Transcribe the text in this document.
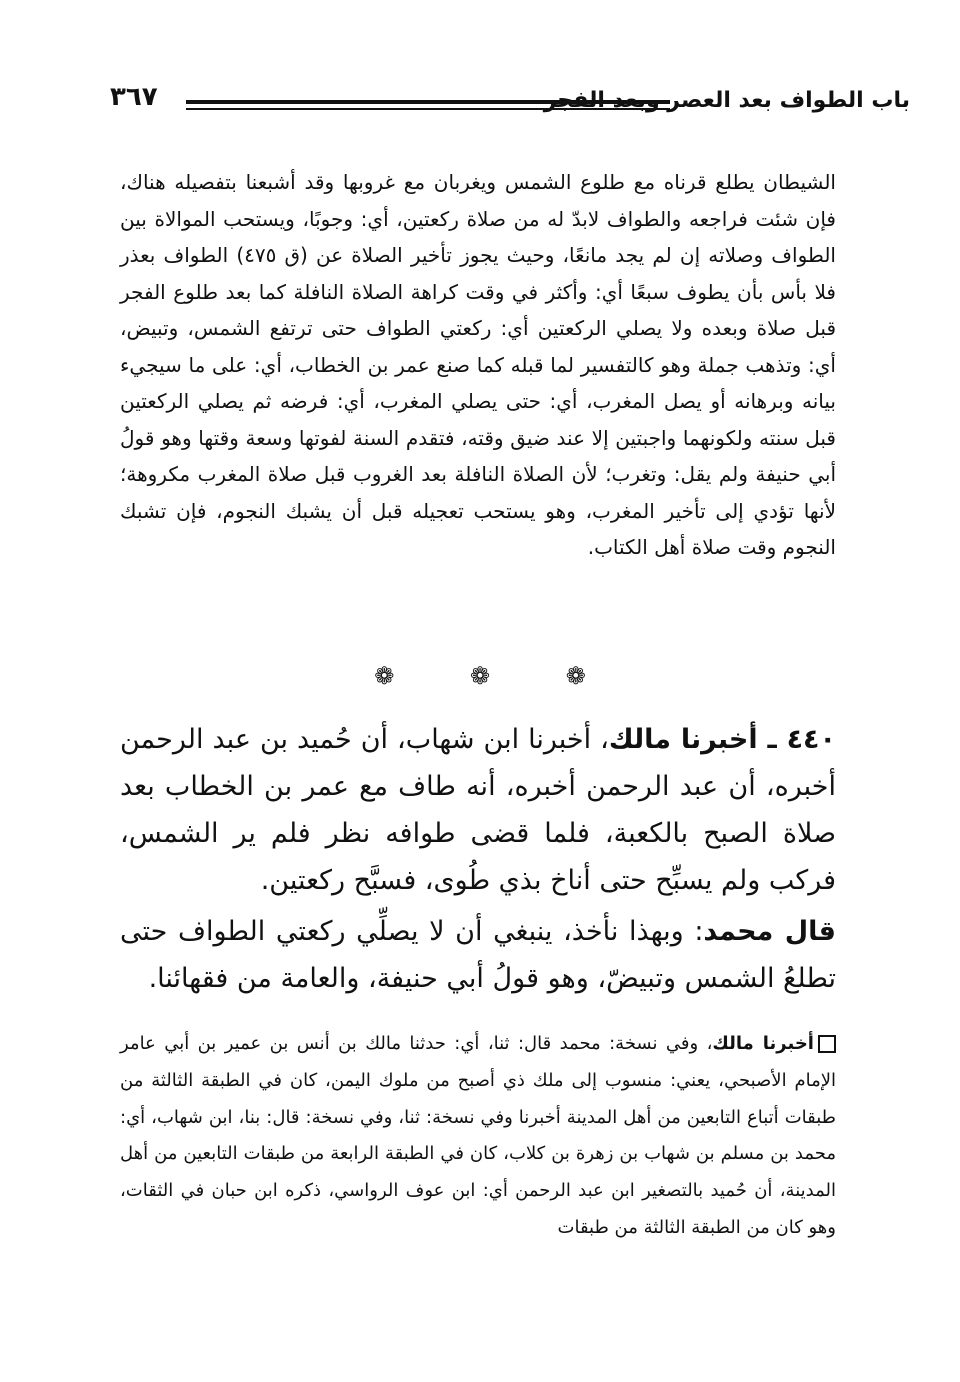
باب الطواف بعد العصر وبعد الفجر
٣٦٧
الشيطان يطلع قرناه مع طلوع الشمس ويغربان مع غروبها وقد أشبعنا بتفصيله هناك، فإن شئت فراجعه والطواف لابدّ له من صلاة ركعتين، أي: وجوبًا، ويستحب الموالاة بين الطواف وصلاته إن لم يجد مانعًا، وحيث يجوز تأخير الصلاة عن (ق ٤٧٥) الطواف بعذر فلا بأس بأن يطوف سبعًا أي: وأكثر في وقت كراهة الصلاة النافلة كما بعد طلوع الفجر قبل صلاة وبعده ولا يصلي الركعتين أي: ركعتي الطواف حتى ترتفع الشمس، وتبيض، أي: وتذهب جملة وهو كالتفسير لما قبله كما صنع عمر بن الخطاب، أي: على ما سيجيء بيانه وبرهانه أو يصل المغرب، أي: حتى يصلي المغرب، أي: فرضه ثم يصلي الركعتين قبل سنته ولكونهما واجبتين إلا عند ضيق وقته، فتقدم السنة لفوتها وسعة وقتها وهو قولُ أبي حنيفة ولم يقل: وتغرب؛ لأن الصلاة النافلة بعد الغروب قبل صلاة المغرب مكروهة؛ لأنها تؤدي إلى تأخير المغرب، وهو يستحب تعجيله قبل أن يشبك النجوم، فإن تشبك النجوم وقت صلاة أهل الكتاب.
❁ ❁ ❁

٤٤٠ ـ أخبرنا مالك، أخبرنا ابن شهاب، أن حُميد بن عبد الرحمن أخبره، أن عبد الرحمن أخبره، أنه طاف مع عمر بن الخطاب بعد صلاة الصبح بالكعبة، فلما قضى طوافه نظر فلم ير الشمس، فركب ولم يسبِّح حتى أناخ بذي طُوى، فسبَّح ركعتين.

قال محمد: وبهذا نأخذ، ينبغي أن لا يصلِّي ركعتي الطواف حتى تطلعُ الشمس وتبيضّ، وهو قولُ أبي حنيفة، والعامة من فقهائنا.

أخبرنا مالك، وفي نسخة: محمد قال: ثنا، أي: حدثنا مالك بن أنس بن عمير بن أبي عامر الإمام الأصبحي، يعني: منسوب إلى ملك ذي أصبح من ملوك اليمن، كان في الطبقة الثالثة من طبقات أتباع التابعين من أهل المدينة أخبرنا وفي نسخة: ثنا، وفي نسخة: قال: بنا، ابن شهاب، أي: محمد بن مسلم بن شهاب بن زهرة بن كلاب، كان في الطبقة الرابعة من طبقات التابعين من أهل المدينة، أن حُميد بالتصغير ابن عبد الرحمن أي: ابن عوف الرواسي، ذكره ابن حبان في الثقات، وهو كان من الطبقة الثالثة من طبقات
